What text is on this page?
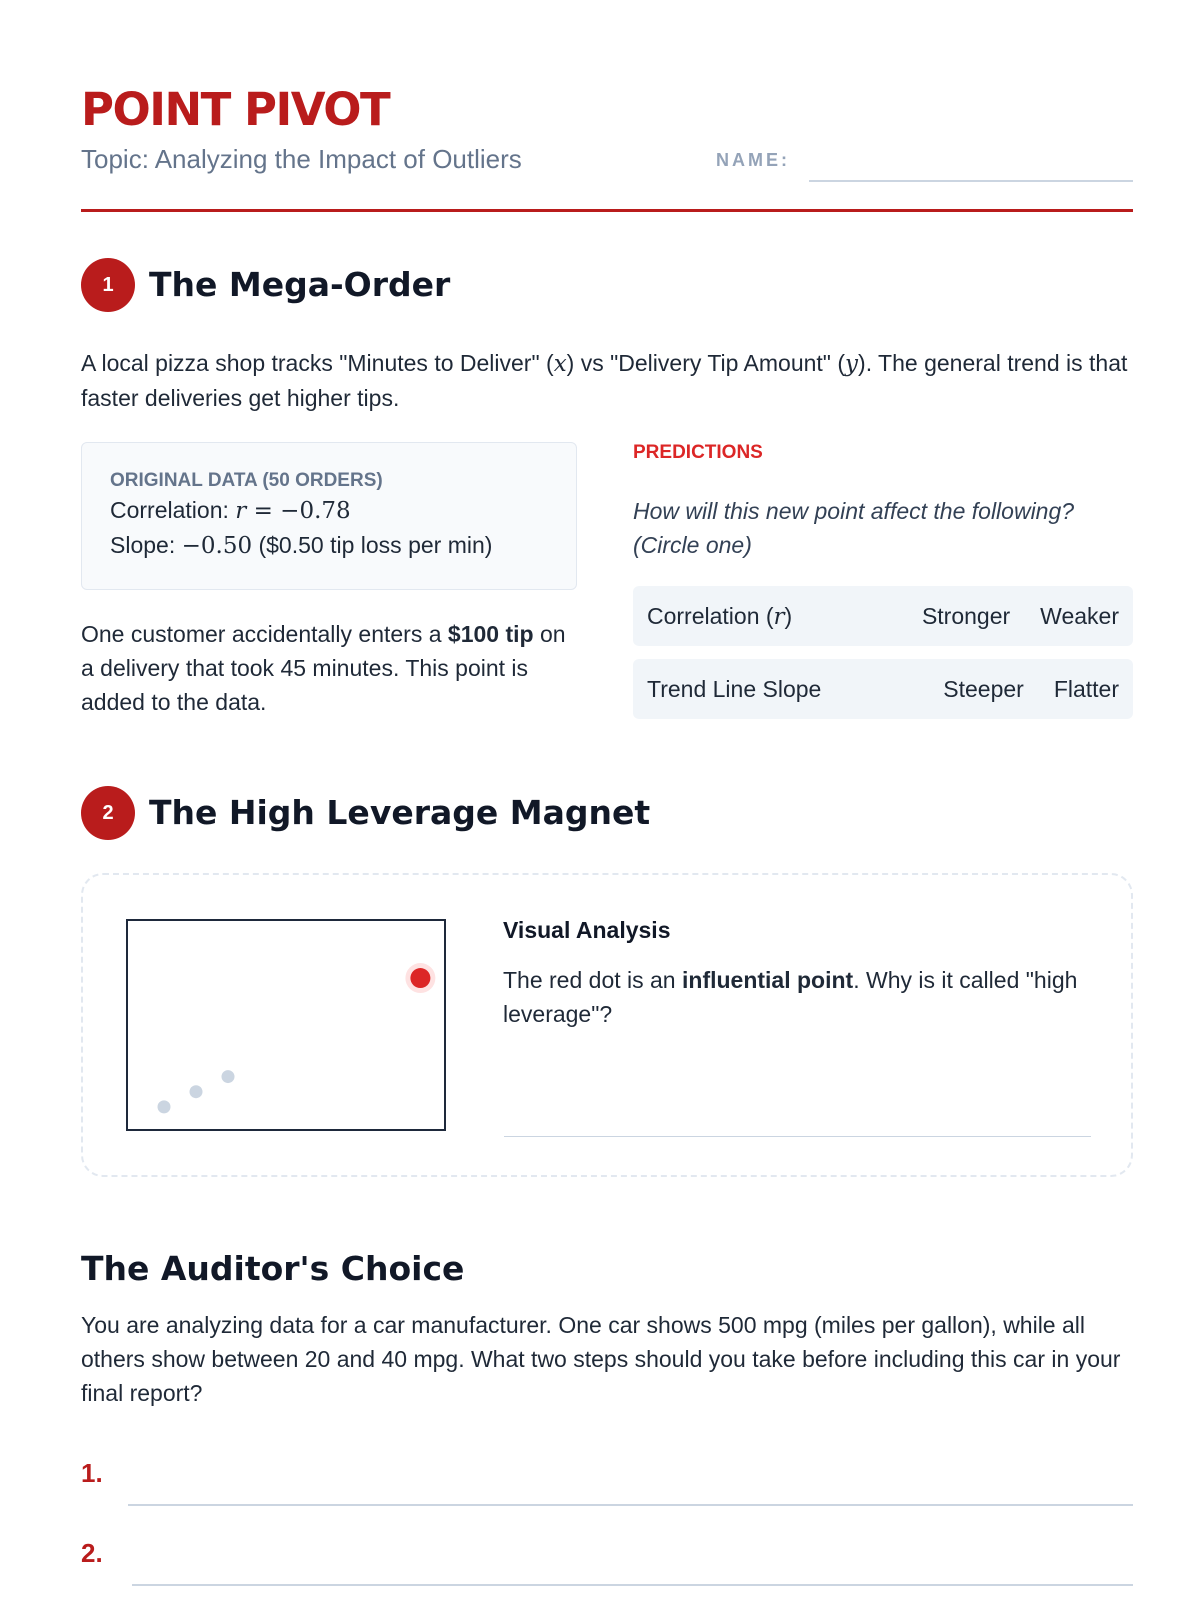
POINT PIVOT
Topic: Analyzing the Impact of Outliers	NAME:
1	The Mega-Order

A local pizza shop tracks "Minutes to Deliver" (x) vs "Delivery Tip Amount" (y). The general trend is that faster deliveries get higher tips.

ORIGINAL DATA (50 ORDERS)
Correlation: r = −0.78
Slope: −0.50 ($0.50 tip loss per min)

One customer accidentally enters a $100 tip on a delivery that took 45 minutes. This point is added to the data.

PREDICTIONS

How will this new point affect the following? (Circle one)

Correlation (r)	Stronger Weaker
Trend Line Slope	Steeper Flatter
2	The High Leverage Magnet
Visual Analysis

The red dot is an influential point. Why is it called "high leverage"?

The Auditor's Choice

You are analyzing data for a car manufacturer. One car shows 500 mpg (miles per gallon), while all others show between 20 and 40 mpg. What two steps should you take before including this car in your final report?

1.
2.
